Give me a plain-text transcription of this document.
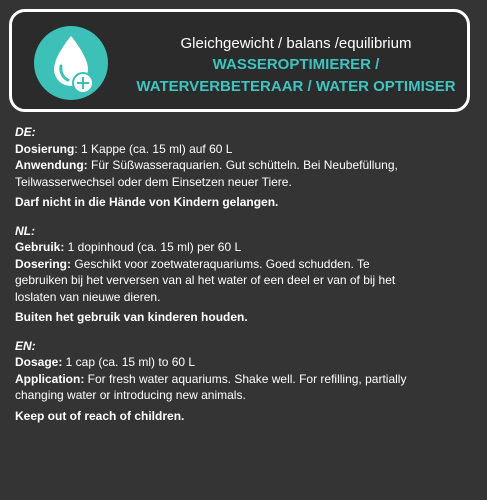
Gleichgewicht / balans /equilibrium
WASSEROPTIMIERER /
WATERVERBETERAAR / WATER OPTIMISER
DE:
Dosierung: 1 Kappe (ca. 15 ml) auf 60 L
Anwendung: Für Süßwasseraquarien. Gut schütteln. Bei Neubefüllung,
Teilwasserwechsel oder dem Einsetzen neuer Tiere.
Darf nicht in die Hände von Kindern gelangen.
NL:
Gebruik: 1 dopinhoud (ca. 15 ml) per 60 L
Dosering: Geschikt voor zoetwateraquariums. Goed schudden. Te
gebruiken bij het verversen van al het water of een deel er van of bij het
loslaten van nieuwe dieren.
Buiten het gebruik van kinderen houden.
EN:
Dosage: 1 cap (ca. 15 ml) to 60 L
Application: For fresh water aquariums. Shake well. For refilling, partially
changing water or introducing new animals.
Keep out of reach of children.
